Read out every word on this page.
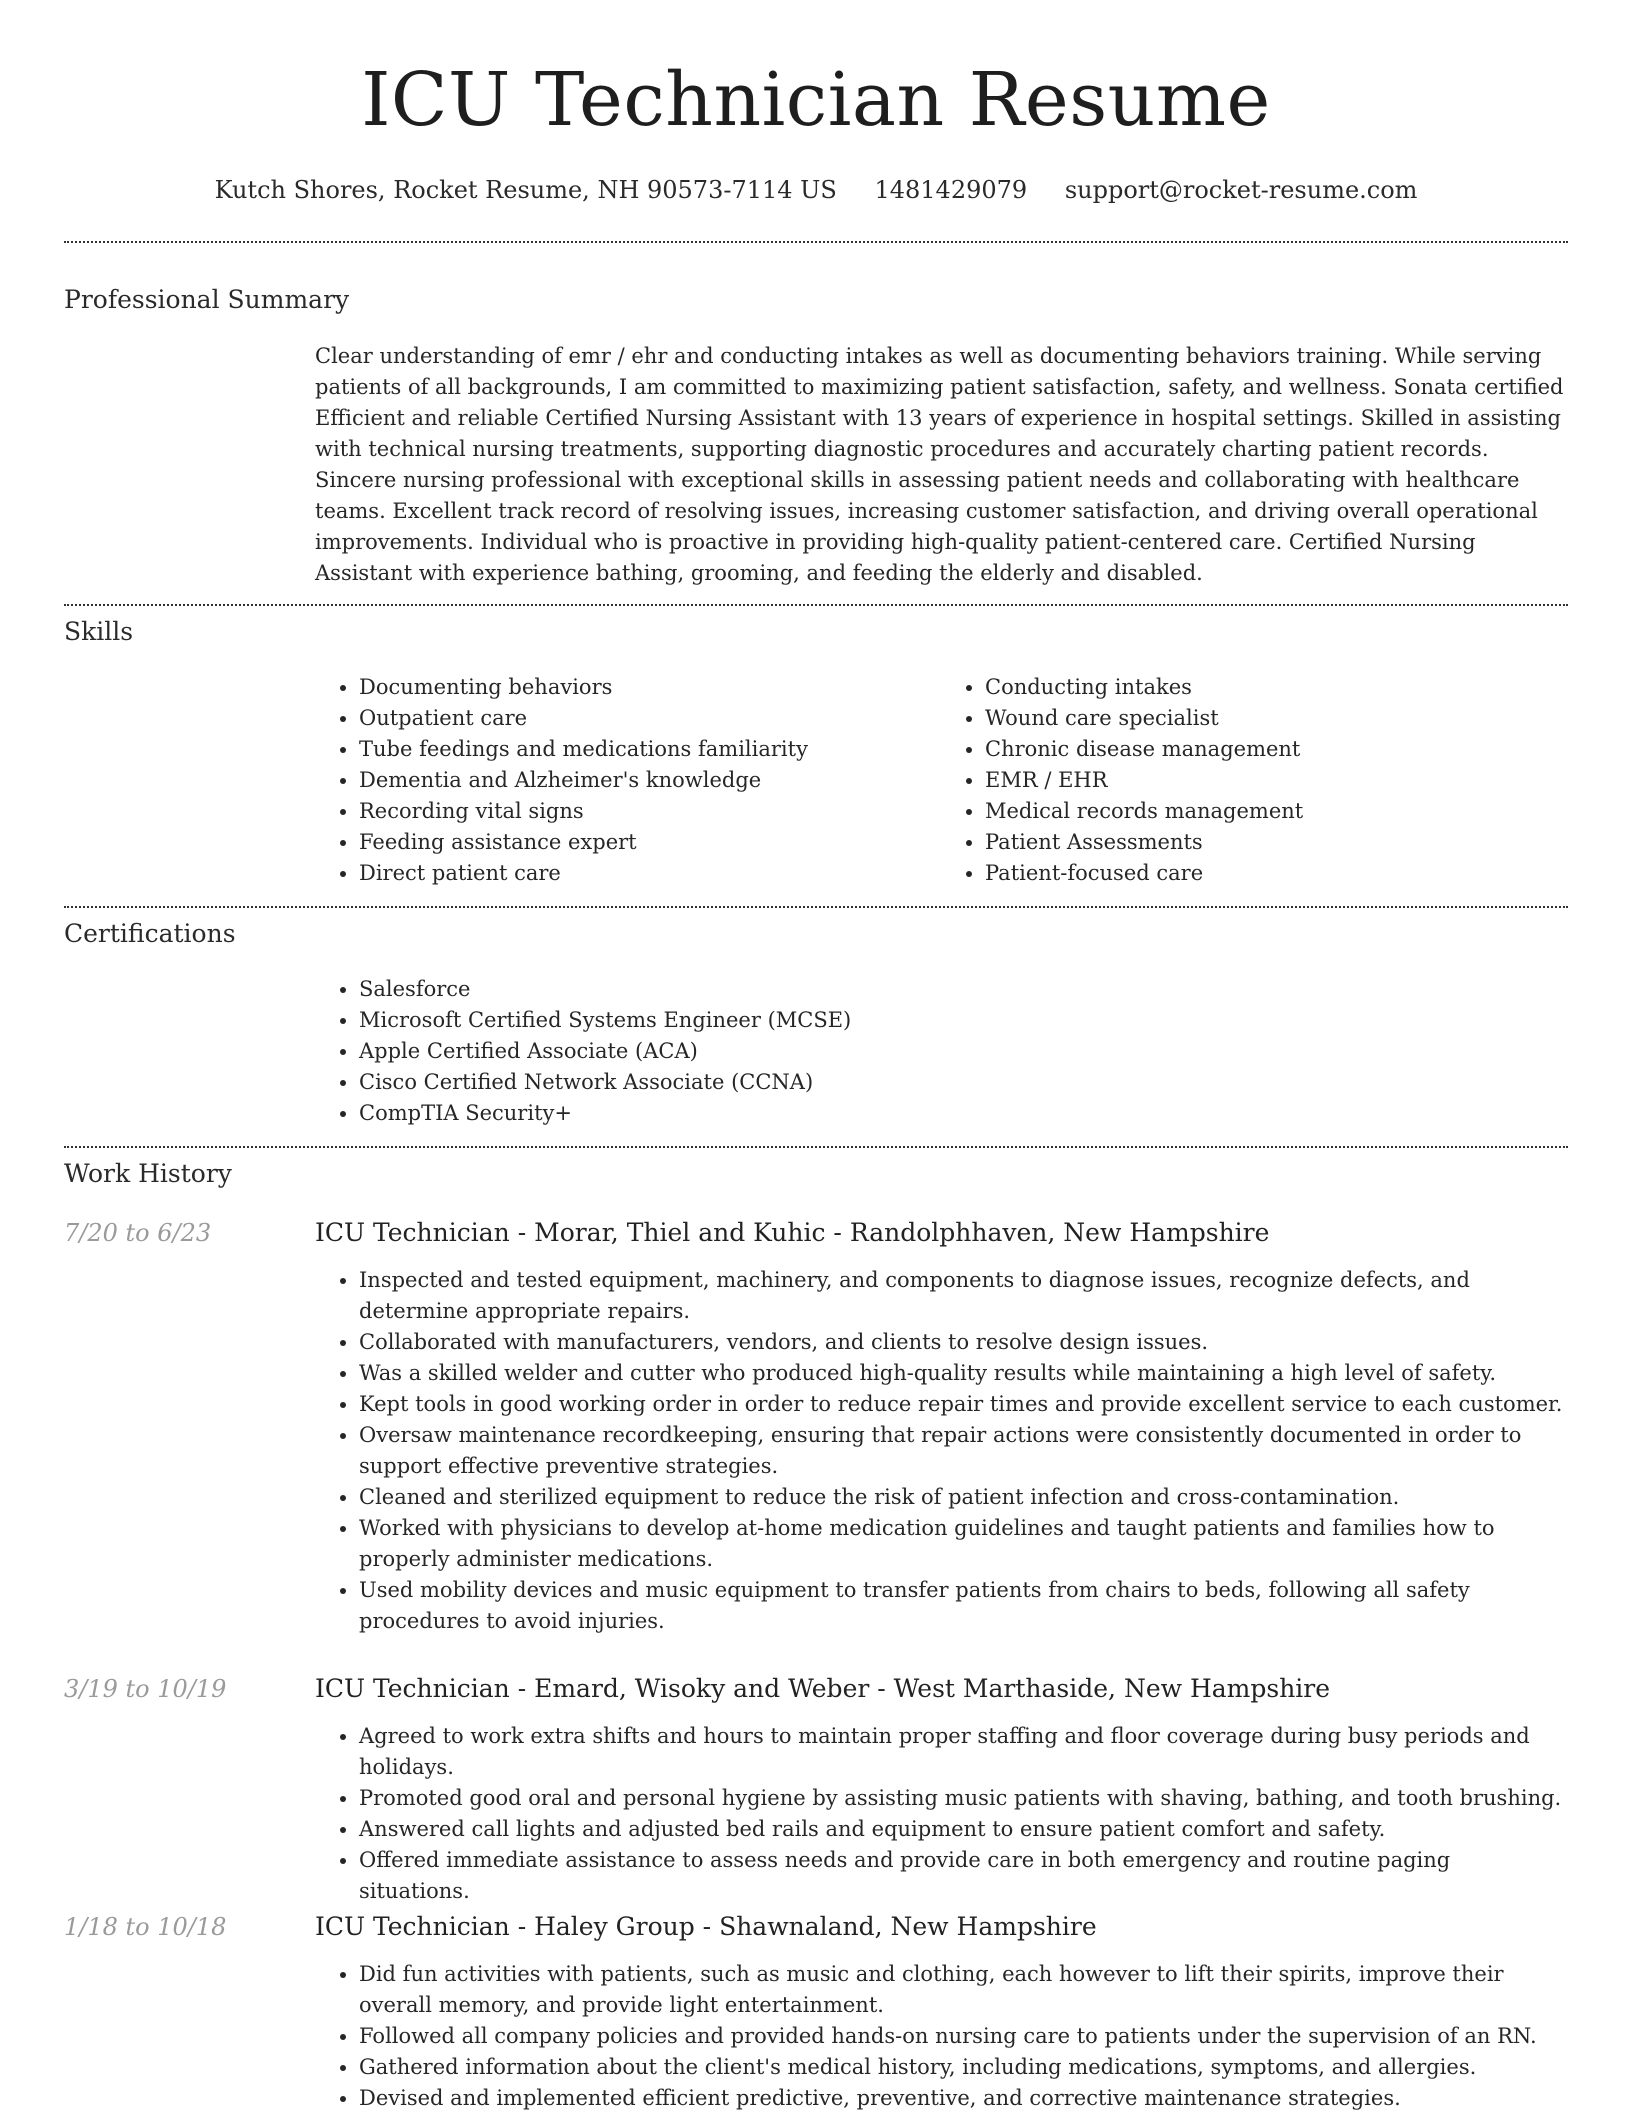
ICU Technician Resume
Kutch Shores, Rocket Resume, NH 90573-7114 US 1481429079 support@rocket-resume.com
Professional Summary

Clear understanding of emr / ehr and conducting intakes as well as documenting behaviors training. While serving patients of all backgrounds, I am committed to maximizing patient satisfaction, safety, and wellness. Sonata certified Efficient and reliable Certified Nursing Assistant with 13 years of experience in hospital settings. Skilled in assisting with technical nursing treatments, supporting diagnostic procedures and accurately charting patient records. Sincere nursing professional with exceptional skills in assessing patient needs and collaborating with healthcare teams. Excellent track record of resolving issues, increasing customer satisfaction, and driving overall operational improvements. Individual who is proactive in providing high-quality patient-centered care. Certified Nursing Assistant with experience bathing, grooming, and feeding the elderly and disabled.

Skills
• Documenting behaviors
• Outpatient care
• Tube feedings and medications familiarity
• Dementia and Alzheimer's knowledge
• Recording vital signs
• Feeding assistance expert
• Direct patient care
• Conducting intakes
• Wound care specialist
• Chronic disease management
• EMR / EHR
• Medical records management
• Patient Assessments
• Patient-focused care
Certifications
• Salesforce
• Microsoft Certified Systems Engineer (MCSE)
• Apple Certified Associate (ACA)
• Cisco Certified Network Associate (CCNA)
• CompTIA Security+
Work History
7/20 to 6/23	ICU Technician - Morar, Thiel and Kuhic - Randolphhaven, New Hampshire
• Inspected and tested equipment, machinery, and components to diagnose issues, recognize defects, and determine appropriate repairs.
• Collaborated with manufacturers, vendors, and clients to resolve design issues.
• Was a skilled welder and cutter who produced high-quality results while maintaining a high level of safety.
• Kept tools in good working order in order to reduce repair times and provide excellent service to each customer.
• Oversaw maintenance recordkeeping, ensuring that repair actions were consistently documented in order to support effective preventive strategies.
• Cleaned and sterilized equipment to reduce the risk of patient infection and cross-contamination.
• Worked with physicians to develop at-home medication guidelines and taught patients and families how to properly administer medications.
• Used mobility devices and music equipment to transfer patients from chairs to beds, following all safety procedures to avoid injuries.
3/19 to 10/19	ICU Technician - Emard, Wisoky and Weber - West Marthaside, New Hampshire
• Agreed to work extra shifts and hours to maintain proper staffing and floor coverage during busy periods and holidays.
• Promoted good oral and personal hygiene by assisting music patients with shaving, bathing, and tooth brushing.
• Answered call lights and adjusted bed rails and equipment to ensure patient comfort and safety.
• Offered immediate assistance to assess needs and provide care in both emergency and routine paging situations.
1/18 to 10/18	ICU Technician - Haley Group - Shawnaland, New Hampshire
• Did fun activities with patients, such as music and clothing, each however to lift their spirits, improve their overall memory, and provide light entertainment.
• Followed all company policies and provided hands-on nursing care to patients under the supervision of an RN.
• Gathered information about the client's medical history, including medications, symptoms, and allergies.
• Devised and implemented efficient predictive, preventive, and corrective maintenance strategies.
